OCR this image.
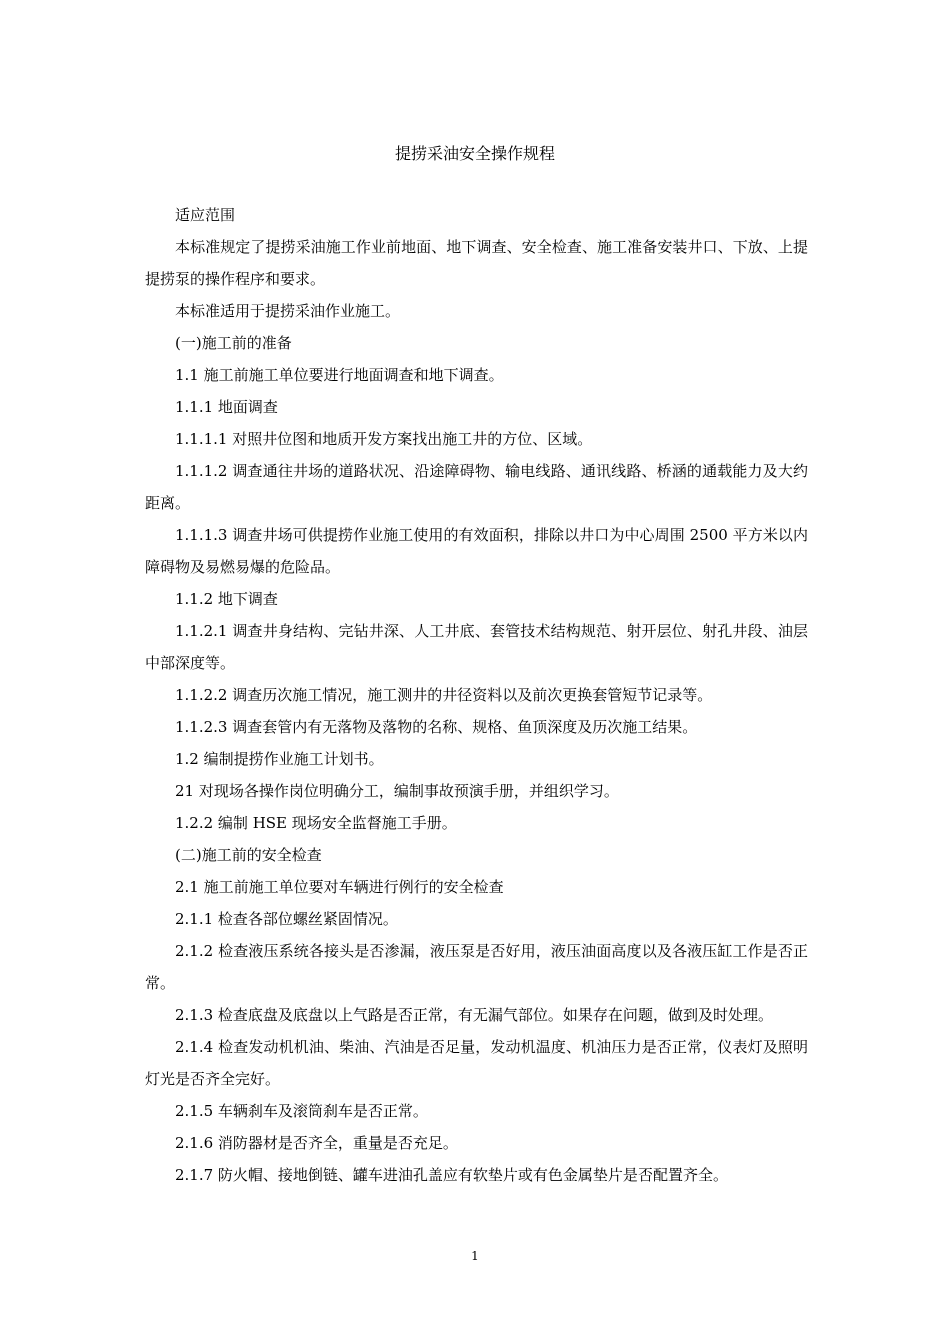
提捞采油安全操作规程

适应范围

本标准规定了提捞采油施工作业前地面、地下调查、安全检查、施工准备安装井口、下放、上提提捞泵的操作程序和要求。

本标准适用于提捞采油作业施工。

(一)施工前的准备

1.1 施工前施工单位要进行地面调查和地下调查。

1.1.1 地面调查

1.1.1.1 对照井位图和地质开发方案找出施工井的方位、区域。

1.1.1.2 调查通往井场的道路状况、沿途障碍物、输电线路、通讯线路、桥涵的通载能力及大约距离。

1.1.1.3 调查井场可供提捞作业施工使用的有效面积，排除以井口为中心周围 2500 平方米以内障碍物及易燃易爆的危险品。

1.1.2 地下调查

1.1.2.1 调查井身结构、完钻井深、人工井底、套管技术结构规范、射开层位、射孔井段、油层中部深度等。

1.1.2.2 调查历次施工情况，施工测井的井径资料以及前次更换套管短节记录等。

1.1.2.3 调查套管内有无落物及落物的名称、规格、鱼顶深度及历次施工结果。

1.2 编制提捞作业施工计划书。

21 对现场各操作岗位明确分工，编制事故预演手册，并组织学习。

1.2.2 编制 HSE 现场安全监督施工手册。

(二)施工前的安全检查

2.1 施工前施工单位要对车辆进行例行的安全检查

2.1.1 检查各部位螺丝紧固情况。

2.1.2 检查液压系统各接头是否渗漏，液压泵是否好用，液压油面高度以及各液压缸工作是否正常。

2.1.3 检查底盘及底盘以上气路是否正常，有无漏气部位。如果存在问题，做到及时处理。

2.1.4 检查发动机机油、柴油、汽油是否足量，发动机温度、机油压力是否正常，仪表灯及照明灯光是否齐全完好。

2.1.5 车辆刹车及滚筒刹车是否正常。

2.1.6 消防器材是否齐全，重量是否充足。

2.1.7 防火帽、接地倒链、罐车进油孔盖应有软垫片或有色金属垫片是否配置齐全。

1
